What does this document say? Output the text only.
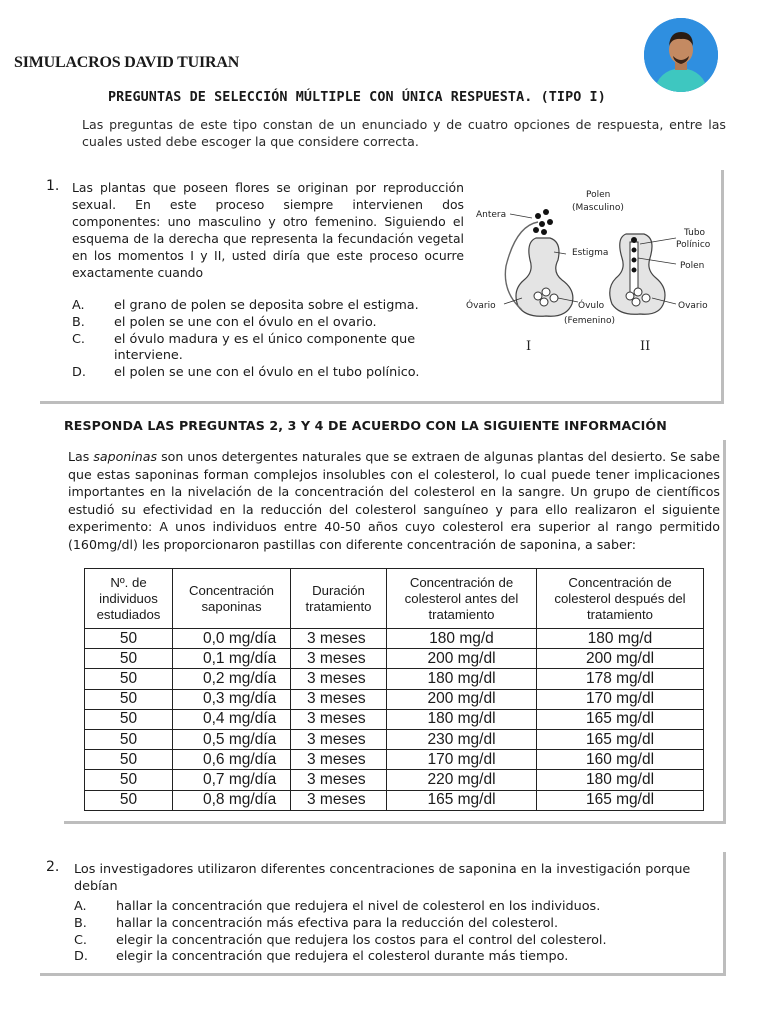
SIMULACROS DAVID TUIRAN
PREGUNTAS DE SELECCIÓN MÚLTIPLE CON ÚNICA RESPUESTA. (TIPO I)
Las preguntas de este tipo constan de un enunciado y de cuatro opciones de respuesta, entre las cuales usted debe escoger la que considere correcta.
1. Las plantas que poseen flores se originan por reproducción sexual. En este proceso siempre intervienen dos componentes: uno masculino y otro femenino. Siguiendo el esquema de la derecha que representa la fecundación vegetal en los momentos I y II, usted diría que este proceso ocurre exactamente cuando
A.	el grano de polen se deposita sobre el estigma.
B.	el polen se une con el óvulo en el ovario.
C.	el óvulo madura y es el único componente que interviene.
D.	el polen se une con el óvulo en el tubo polínico.
Polen
(Masculino)
Antera
Estigma
Tubo
Polínico
Polen
Óvario	Óvulo
(Femenino)
Ovario
I	II
RESPONDA LAS PREGUNTAS 2, 3 Y 4 DE ACUERDO CON LA SIGUIENTE INFORMACIÓN
Las saponinas son unos detergentes naturales que se extraen de algunas plantas del desierto. Se sabe que estas saponinas forman complejos insolubles con el colesterol, lo cual puede tener implicaciones importantes en la nivelación de la concentración del colesterol en la sangre. Un grupo de científicos estudió su efectividad en la reducción del colesterol sanguíneo y para ello realizaron el siguiente experimento: A unos individuos entre 40-50 años cuyo colesterol era superior al rango permitido (160mg/dl) les proporcionaron pastillas con diferente concentración de saponina, a saber:
Nº. de individuos estudiados	Concentración saponinas	Duración tratamiento	Concentración de colesterol antes del tratamiento	Concentración de colesterol después del tratamiento
50	0,0 mg/día	3 meses	180 mg/d	180 mg/d
50	0,1 mg/día	3 meses	200 mg/dl	200 mg/dl
50	0,2 mg/día	3 meses	180 mg/dl	178 mg/dl
50	0,3 mg/día	3 meses	200 mg/dl	170 mg/dl
50	0,4 mg/día	3 meses	180 mg/dl	165 mg/dl
50	0,5 mg/día	3 meses	230 mg/dl	165 mg/dl
50	0,6 mg/día	3 meses	170 mg/dl	160 mg/dl
50	0,7 mg/día	3 meses	220 mg/dl	180 mg/dl
50	0,8 mg/día	3 meses	165 mg/dl	165 mg/dl
2. Los investigadores utilizaron diferentes concentraciones de saponina en la investigación porque debían
A.	hallar la concentración que redujera el nivel de colesterol en los individuos.
B.	hallar la concentración más efectiva para la reducción del colesterol.
C.	elegir la concentración que redujera los costos para el control del colesterol.
D.	elegir la concentración que redujera el colesterol durante más tiempo.
